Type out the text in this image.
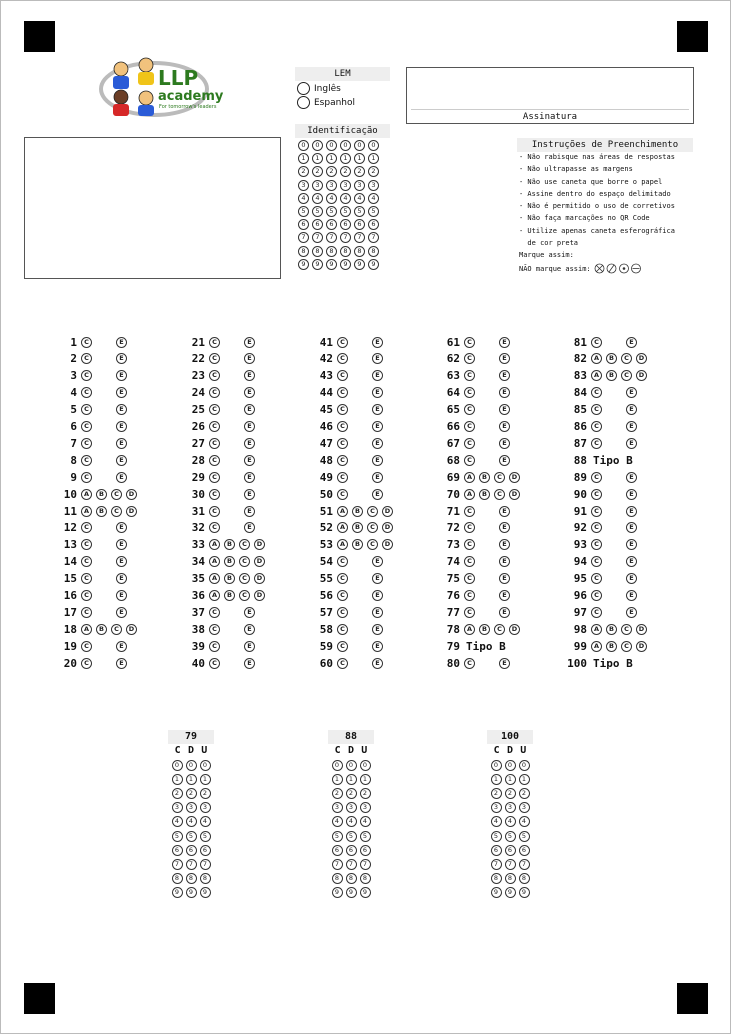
LLP
academy
For tomorrow's leaders
LEM
Inglês
Espanhol
Assinatura
Identificação
0	0	0	0	0	0
1	1	1	1	1	1
2	2	2	2	2	2
3	3	3	3	3	3
4	4	4	4	4	4
5	5	5	5	5	5
6	6	6	6	6	6
7	7	7	7	7	7
8	8	8	8	8	8
9	9	9	9	9	9
Instruções de Preenchimento
- Não rabisque nas áreas de respostas
- Não ultrapasse as margens
- Não use caneta que borre o papel
- Assine dentro do espaço delimitado
- Não é permitido o uso de corretivos
- Não faça marcações no QR Code
- Utilize apenas caneta esferográfica
de cor preta
Marque assim:
NÃO marque assim:
1	C	E
2	C	E
3	C	E
4	C	E
5	C	E
6	C	E
7	C	E
8	C	E
9	C	E
10	A	B	C	D
11	A	B	C	D
12	C	E
13	C	E
14	C	E
15	C	E
16	C	E
17	C	E
18	A	B	C	D
19	C	E
20	C	E
21	C	E
22	C	E
23	C	E
24	C	E
25	C	E
26	C	E
27	C	E
28	C	E
29	C	E
30	C	E
31	C	E
32	C	E
33	A	B	C	D
34	A	B	C	D
35	A	B	C	D
36	A	B	C	D
37	C	E
38	C	E
39	C	E
40	C	E
41	C	E
42	C	E
43	C	E
44	C	E
45	C	E
46	C	E
47	C	E
48	C	E
49	C	E
50	C	E
51	A	B	C	D
52	A	B	C	D
53	A	B	C	D
54	C	E
55	C	E
56	C	E
57	C	E
58	C	E
59	C	E
60	C	E
61	C	E
62	C	E
63	C	E
64	C	E
65	C	E
66	C	E
67	C	E
68	C	E
69	A	B	C	D
70	A	B	C	D
71	C	E
72	C	E
73	C	E
74	C	E
75	C	E
76	C	E
77	C	E
78	A	B	C	D
79 Tipo B
80	C	E
81	C	E
82	A	B	C	D
83	A	B	C	D
84	C	E
85	C	E
86	C	E
87	C	E
88 Tipo B
89	C	E
90	C	E
91	C	E
92	C	E
93	C	E
94	C	E
95	C	E
96	C	E
97	C	E
98	A	B	C	D
99	A	B	C	D
100 Tipo B
79
C D U
0	0	0
1	1	1
2	2	2
3	3	3
4	4	4
5	5	5
6	6	6
7	7	7
8	8	8
9	9	9
88
C D U
0	0	0
1	1	1
2	2	2
3	3	3
4	4	4
5	5	5
6	6	6
7	7	7
8	8	8
9	9	9
100
C D U
0	0	0
1	1	1
2	2	2
3	3	3
4	4	4
5	5	5
6	6	6
7	7	7
8	8	8
9	9	9
